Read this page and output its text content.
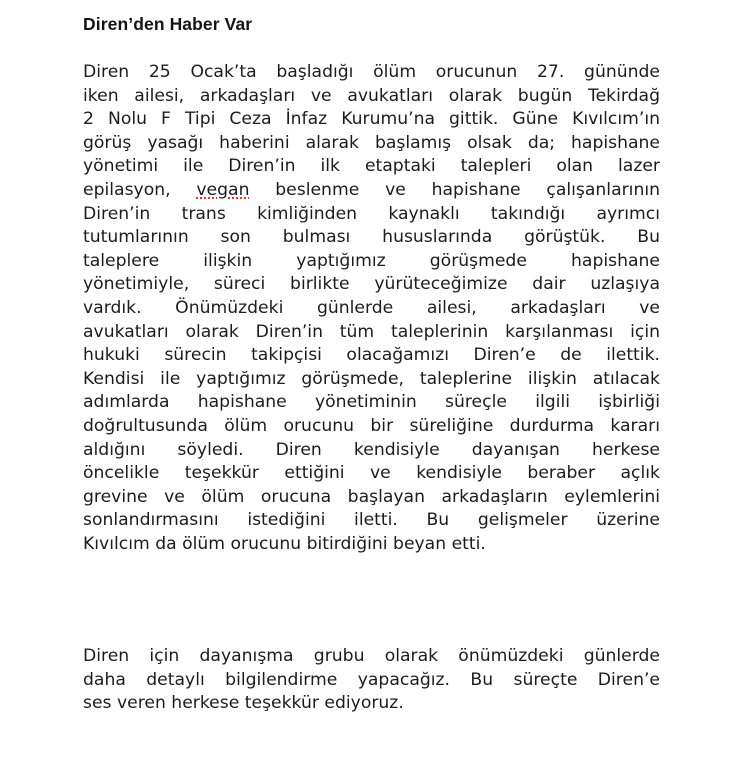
Diren’den Haber Var
Diren 25 Ocak’ta başladığı ölüm orucunun 27. gününde
iken ailesi, arkadaşları ve avukatları olarak bugün Tekirdağ
2 Nolu F Tipi Ceza İnfaz Kurumu’na gittik. Güne Kıvılcım’ın
görüş yasağı haberini alarak başlamış olsak da; hapishane
yönetimi ile Diren’in ilk etaptaki talepleri olan lazer
epilasyon, vegan beslenme ve hapishane çalışanlarının
Diren’in trans kimliğinden kaynaklı takındığı ayrımcı
tutumlarının son bulması hususlarında görüştük. Bu
taleplere ilişkin yaptığımız görüşmede hapishane
yönetimiyle, süreci birlikte yürüteceğimize dair uzlaşıya
vardık. Önümüzdeki günlerde ailesi, arkadaşları ve
avukatları olarak Diren’in tüm taleplerinin karşılanması için
hukuki sürecin takipçisi olacağamızı Diren’e de ilettik.
Kendisi ile yaptığımız görüşmede, taleplerine ilişkin atılacak
adımlarda hapishane yönetiminin süreçle ilgili işbirliği
doğrultusunda ölüm orucunu bir süreliğine durdurma kararı
aldığını söyledi. Diren kendisiyle dayanışan herkese
öncelikle teşekkür ettiğini ve kendisiyle beraber açlık
grevine ve ölüm orucuna başlayan arkadaşların eylemlerini
sonlandırmasını istediğini iletti. Bu gelişmeler üzerine
Kıvılcım da ölüm orucunu bitirdiğini beyan etti.
Diren için dayanışma grubu olarak önümüzdeki günlerde
daha detaylı bilgilendirme yapacağız. Bu süreçte Diren’e
ses veren herkese teşekkür ediyoruz.
